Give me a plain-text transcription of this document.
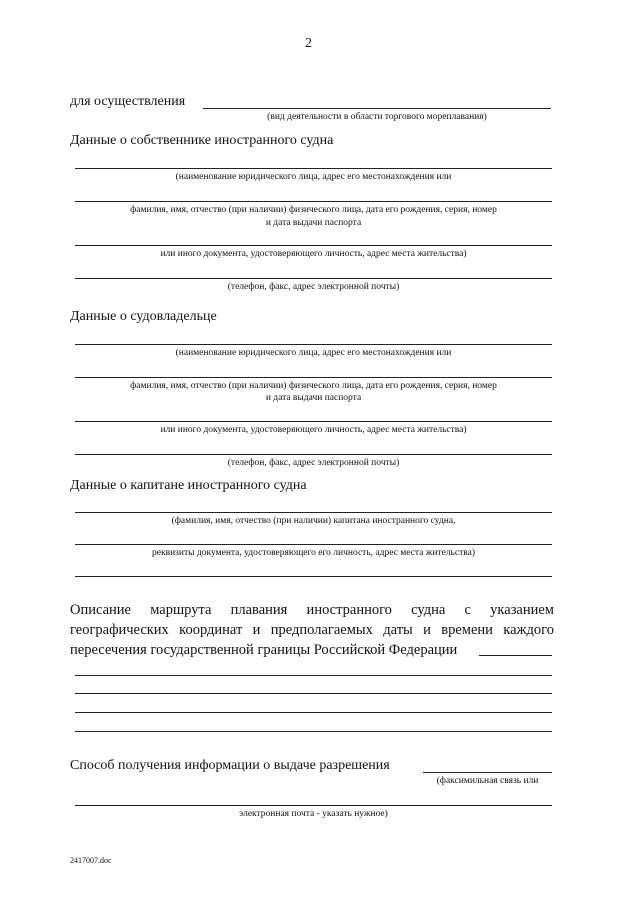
2
для осуществления
(вид деятельности в области торгового мореплавания)
Данные о собственнике иностранного судна
(наименование юридического лица, адрес его местонахождения или
фамилия, имя, отчество (при наличии) физического лица, дата его рождения, серия, номер
и дата выдачи паспорта
или иного документа, удостоверяющего личность, адрес места жительства)
(телефон, факс, адрес электронной почты)
Данные о судовладельце
(наименование юридического лица, адрес его местонахождения или
фамилия, имя, отчество (при наличии) физического лица, дата его рождения, серия, номер
и дата выдачи паспорта
или иного документа, удостоверяющего личность, адрес места жительства)
(телефон, факс, адрес электронной почты)
Данные о капитане иностранного судна
(фамилия, имя, отчество (при наличии) капитана иностранного судна,
реквизиты документа, удостоверяющего его личность, адрес места жительства)
Описание маршрута плавания иностранного судна с указанием
географических координат и предполагаемых даты и времени каждого
пересечения государственной границы Российской Федерации
Способ получения информации о выдаче разрешения
(факсимильная связь или
электронная почта - указать нужное)
2417007.doc
